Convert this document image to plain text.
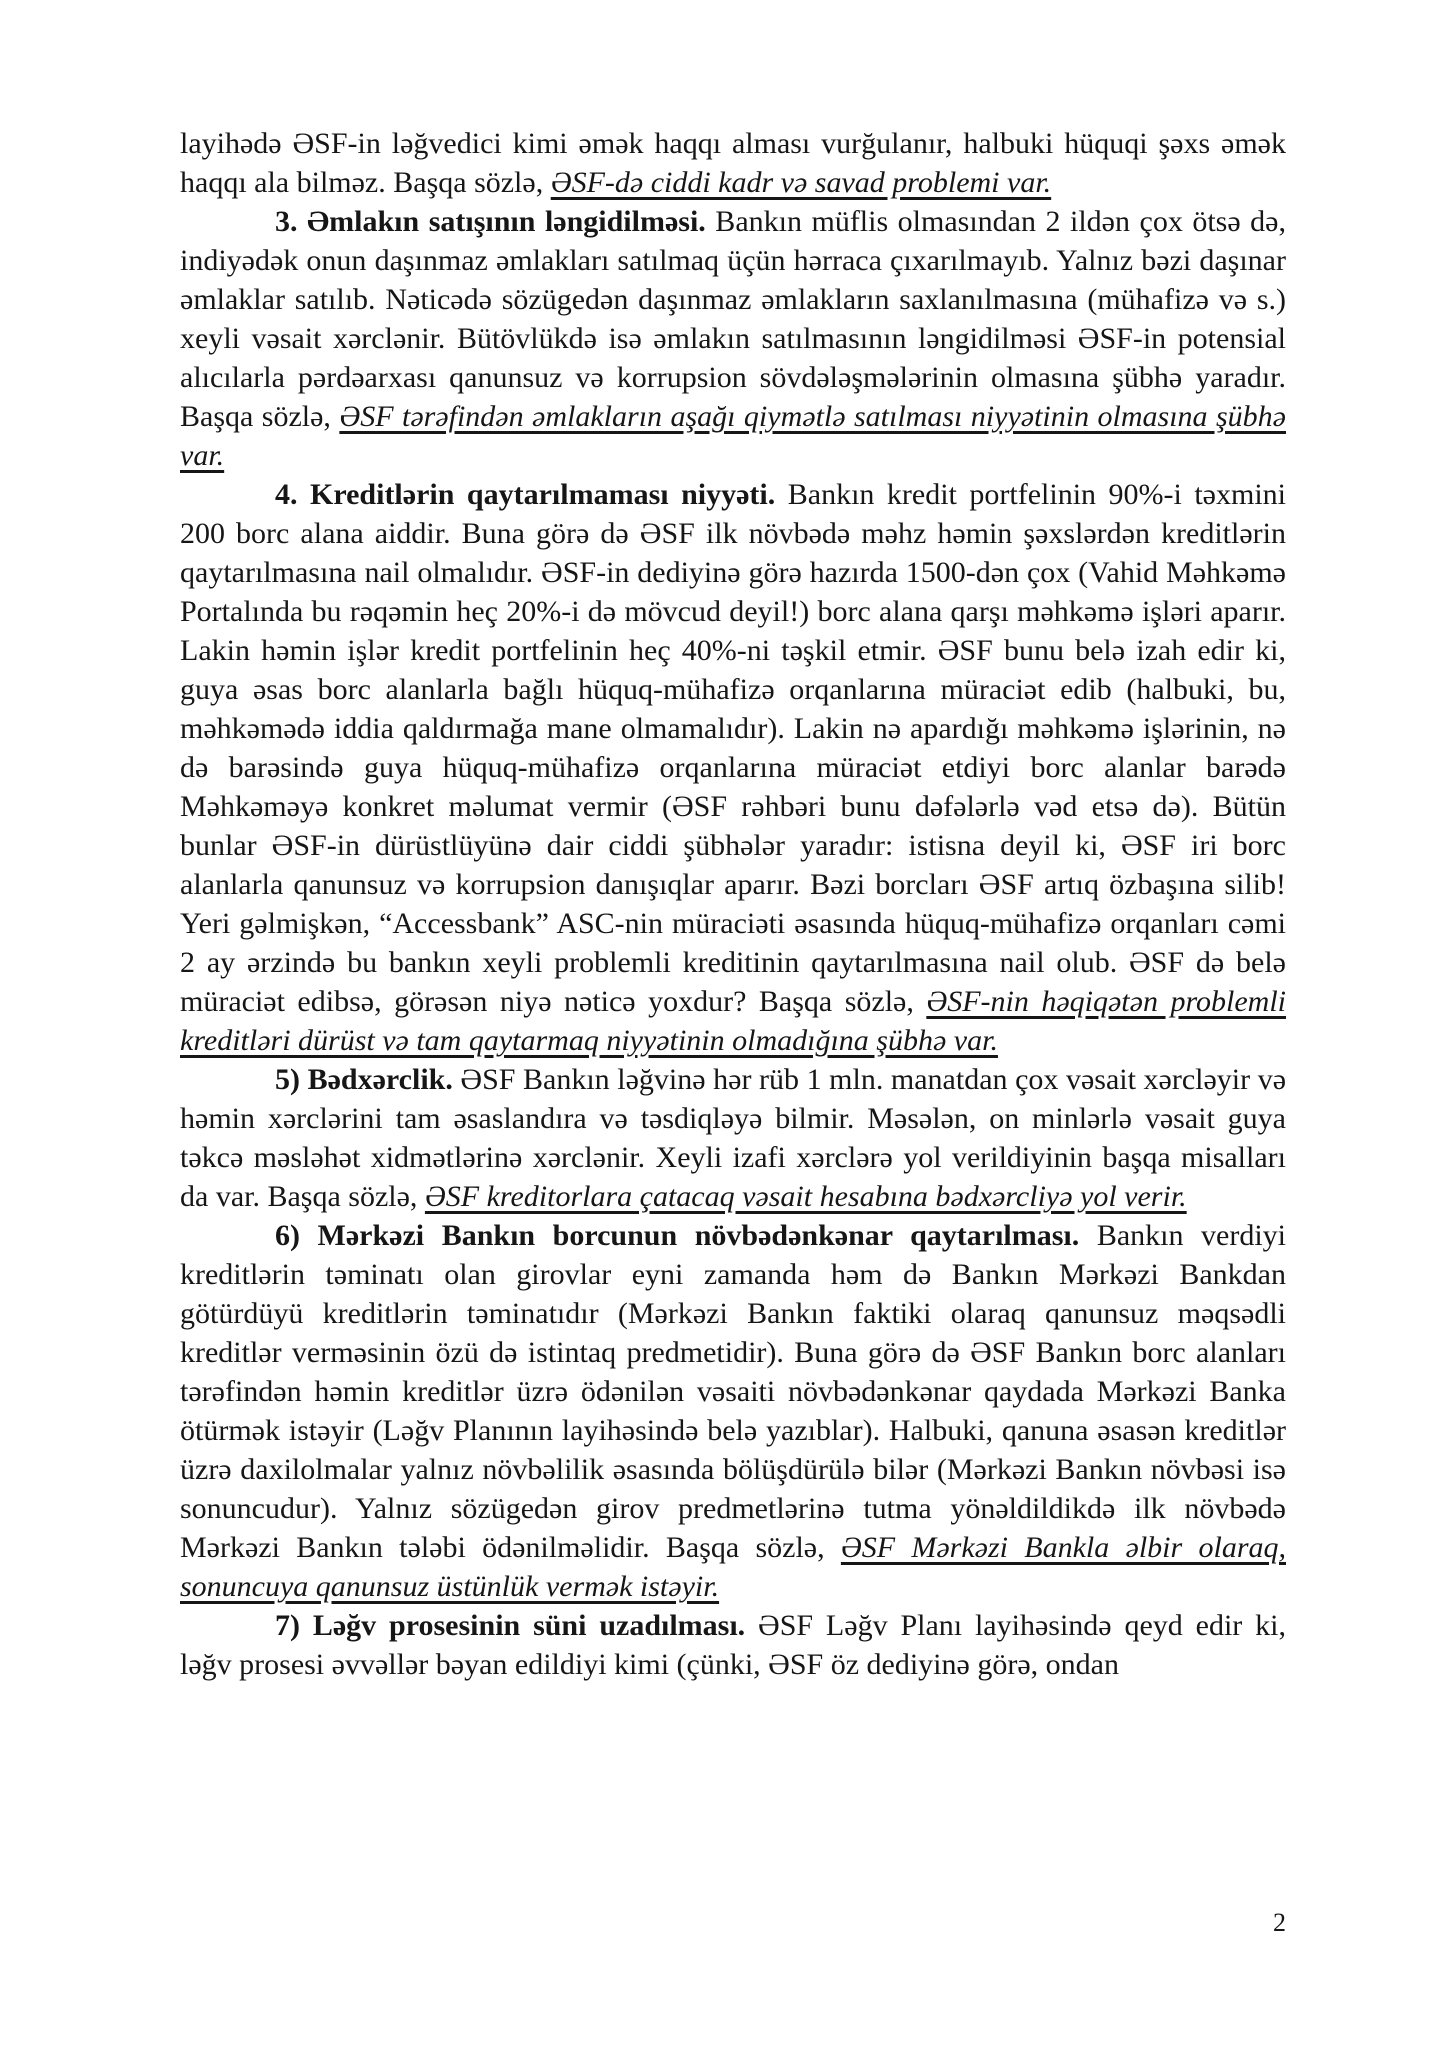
layihədə ƏSF-in ləğvedici kimi əmək haqqı alması vurğulanır, halbuki hüquqi şəxs əmək haqqı ala bilməz. Başqa sözlə, ƏSF-də ciddi kadr və savad problemi var.

3. Əmlakın satışının ləngidilməsi. Bankın müflis olmasından 2 ildən çox ötsə də, indiyədək onun daşınmaz əmlakları satılmaq üçün hərraca çıxarılmayıb. Yalnız bəzi daşınar əmlaklar satılıb. Nəticədə sözügedən daşınmaz əmlakların saxlanılmasına (mühafizə və s.) xeyli vəsait xərclənir. Bütövlükdə isə əmlakın satılmasının ləngidilməsi ƏSF-in potensial alıcılarla pərdəarxası qanunsuz və korrupsion sövdələşmələrinin olmasına şübhə yaradır. Başqa sözlə, ƏSF tərəfindən əmlakların aşağı qiymətlə satılması niyyətinin olmasına şübhə var.

4. Kreditlərin qaytarılmaması niyyəti. Bankın kredit portfelinin 90%-i təxmini 200 borc alana aiddir. Buna görə də ƏSF ilk növbədə məhz həmin şəxslərdən kreditlərin qaytarılmasına nail olmalıdır. ƏSF-in dediyinə görə hazırda 1500-dən çox (Vahid Məhkəmə Portalında bu rəqəmin heç 20%-i də mövcud deyil!) borc alana qarşı məhkəmə işləri aparır. Lakin həmin işlər kredit portfelinin heç 40%-ni təşkil etmir. ƏSF bunu belə izah edir ki, guya əsas borc alanlarla bağlı hüquq-mühafizə orqanlarına müraciət edib (halbuki, bu, məhkəmədə iddia qaldırmağa mane olmamalıdır). Lakin nə apardığı məhkəmə işlərinin, nə də barəsində guya hüquq-mühafizə orqanlarına müraciət etdiyi borc alanlar barədə Məhkəməyə konkret məlumat vermir (ƏSF rəhbəri bunu dəfələrlə vəd etsə də). Bütün bunlar ƏSF-in dürüstlüyünə dair ciddi şübhələr yaradır: istisna deyil ki, ƏSF iri borc alanlarla qanunsuz və korrupsion danışıqlar aparır. Bəzi borcları ƏSF artıq özbaşına silib! Yeri gəlmişkən, “Accessbank” ASC-nin müraciəti əsasında hüquq-mühafizə orqanları cəmi 2 ay ərzində bu bankın xeyli problemli kreditinin qaytarılmasına nail olub. ƏSF də belə müraciət edibsə, görəsən niyə nəticə yoxdur? Başqa sözlə, ƏSF-nin həqiqətən problemli kreditləri dürüst və tam qaytarmaq niyyətinin olmadığına şübhə var.

5) Bədxərclik. ƏSF Bankın ləğvinə hər rüb 1 mln. manatdan çox vəsait xərcləyir və həmin xərclərini tam əsaslandıra və təsdiqləyə bilmir. Məsələn, on minlərlə vəsait guya təkcə məsləhət xidmətlərinə xərclənir. Xeyli izafi xərclərə yol verildiyinin başqa misalları da var. Başqa sözlə, ƏSF kreditorlara çatacaq vəsait hesabına bədxərcliyə yol verir.

6) Mərkəzi Bankın borcunun növbədənkənar qaytarılması. Bankın verdiyi kreditlərin təminatı olan girovlar eyni zamanda həm də Bankın Mərkəzi Bankdan götürdüyü kreditlərin təminatıdır (Mərkəzi Bankın faktiki olaraq qanunsuz məqsədli kreditlər verməsinin özü də istintaq predmetidir). Buna görə də ƏSF Bankın borc alanları tərəfindən həmin kreditlər üzrə ödənilən vəsaiti növbədənkənar qaydada Mərkəzi Banka ötürmək istəyir (Ləğv Planının layihəsində belə yazıblar). Halbuki, qanuna əsasən kreditlər üzrə daxilolmalar yalnız növbəlilik əsasında bölüşdürülə bilər (Mərkəzi Bankın növbəsi isə sonuncudur). Yalnız sözügedən girov predmetlərinə tutma yönəldildikdə ilk növbədə Mərkəzi Bankın tələbi ödənilməlidir. Başqa sözlə, ƏSF Mərkəzi Bankla əlbir olaraq, sonuncuya qanunsuz üstünlük vermək istəyir.

7) Ləğv prosesinin süni uzadılması. ƏSF Ləğv Planı layihəsində qeyd edir ki, ləğv prosesi əvvəllər bəyan edildiyi kimi (çünki, ƏSF öz dediyinə görə, ondan

2
